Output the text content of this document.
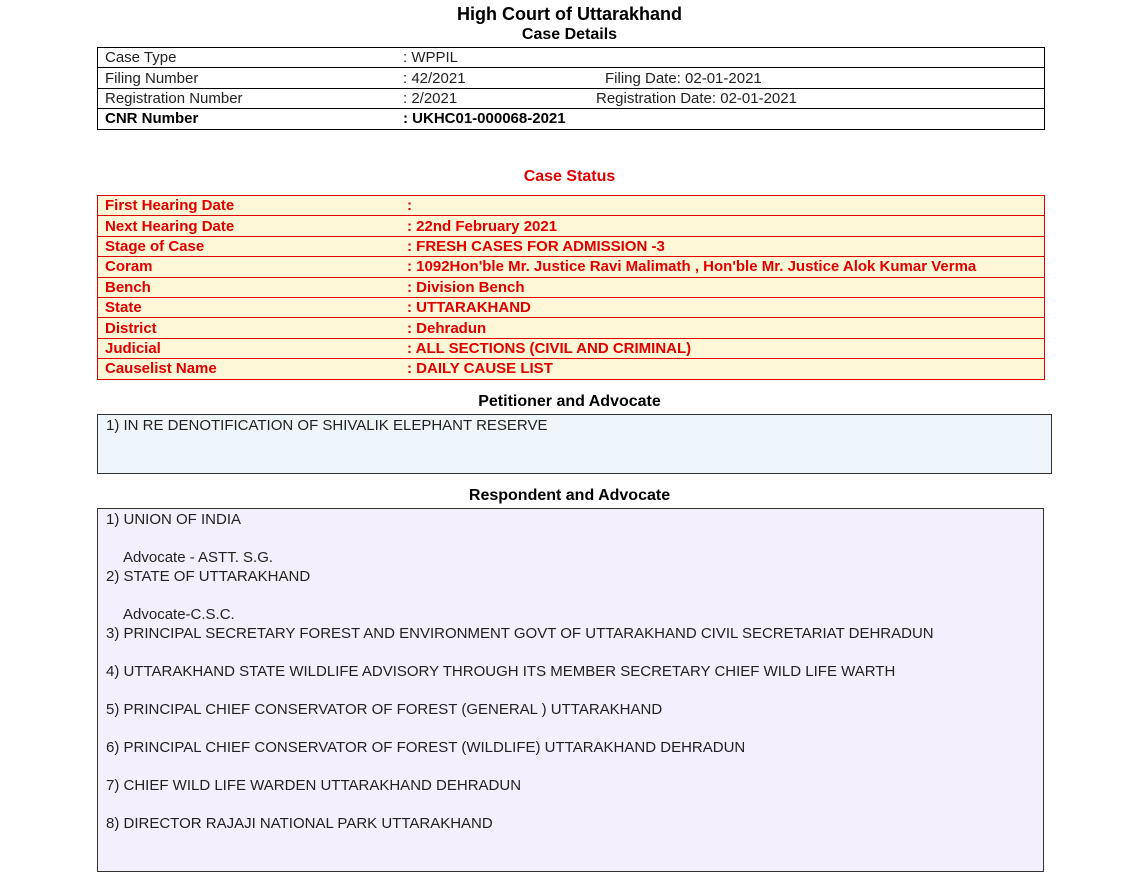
High Court of Uttarakhand
Case Details
Case Type	: WPPIL
Filing Number	: 42/2021 Filing Date: 02-01-2021
Registration Number	: 2/2021 Registration Date: 02-01-2021
CNR Number	: UKHC01-000068-2021
Case Status
First Hearing Date	:
Next Hearing Date	: 22nd February 2021
Stage of Case	: FRESH CASES FOR ADMISSION -3
Coram	: 1092Hon'ble Mr. Justice Ravi Malimath , Hon'ble Mr. Justice Alok Kumar Verma
Bench	: Division Bench
State	: UTTARAKHAND
District	: Dehradun
Judicial	: ALL SECTIONS (CIVIL AND CRIMINAL)
Causelist Name	: DAILY CAUSE LIST
Petitioner and Advocate
1) IN RE DENOTIFICATION OF SHIVALIK ELEPHANT RESERVE
Respondent and Advocate
1) UNION OF INDIA
Advocate - ASTT. S.G.
2) STATE OF UTTARAKHAND
Advocate-C.S.C.
3) PRINCIPAL SECRETARY FOREST AND ENVIRONMENT GOVT OF UTTARAKHAND CIVIL SECRETARIAT DEHRADUN
4) UTTARAKHAND STATE WILDLIFE ADVISORY THROUGH ITS MEMBER SECRETARY CHIEF WILD LIFE WARTH
5) PRINCIPAL CHIEF CONSERVATOR OF FOREST (GENERAL ) UTTARAKHAND
6) PRINCIPAL CHIEF CONSERVATOR OF FOREST (WILDLIFE) UTTARAKHAND DEHRADUN
7) CHIEF WILD LIFE WARDEN UTTARAKHAND DEHRADUN
8) DIRECTOR RAJAJI NATIONAL PARK UTTARAKHAND
